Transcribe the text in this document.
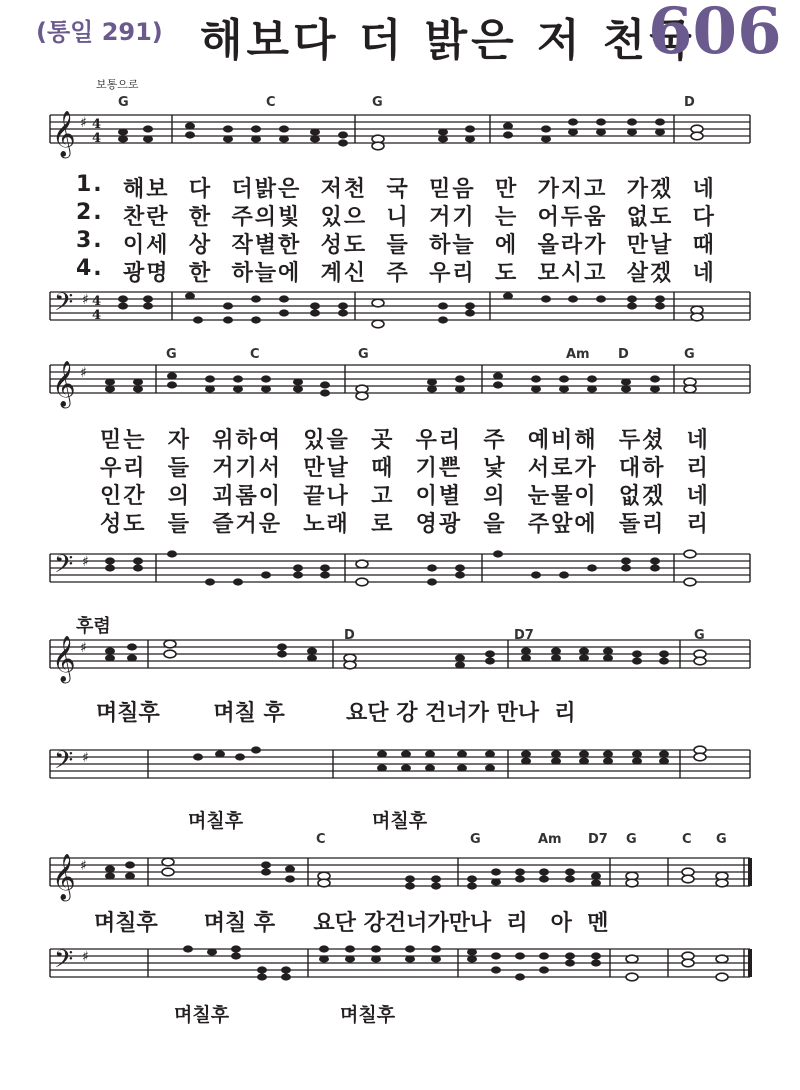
(통일 291) 해보다 더 밝은 저 천국
606
보통으로
𝄞 ♯ 4
4
G	C	G	D
1. 해보 다 더밝은 저천 국 믿음 만 가지고 가겠 네
2. 찬란 한 주의빛 있으 니 거기 는 어두움 없도 다
3. 이세 상 작별한 성도 들 하늘 에 올라가 만날 때
4. 광명 한 하늘에 계신 주 우리 도 모시고 살겠 네
𝄢 ♯ 4
4
𝄞 ♯
G	C	G	Am D	G
믿는 자 위하여 있을 곳 우리 주 예비해 두셨 네
우리 들 거기서 만날 때 기쁜 낯 서로가 대하 리
인간 의 괴롬이 끝나 고 이별 의 눈물이 없겠 네
성도 들 즐거운 노래 로 영광 을 주앞에 돌리 리
𝄢 ♯
후렴
𝄞 ♯
D	D7	G
며칠후       며칠 후        요단 강 건너가 만나  리
𝄢 ♯
며칠후	며칠후
𝄞 ♯
C	G	Am D7 G	C G
며칠후      며칠 후     요단 강건너가만나  리   아  멘
𝄢 ♯
며칠후	며칠후
